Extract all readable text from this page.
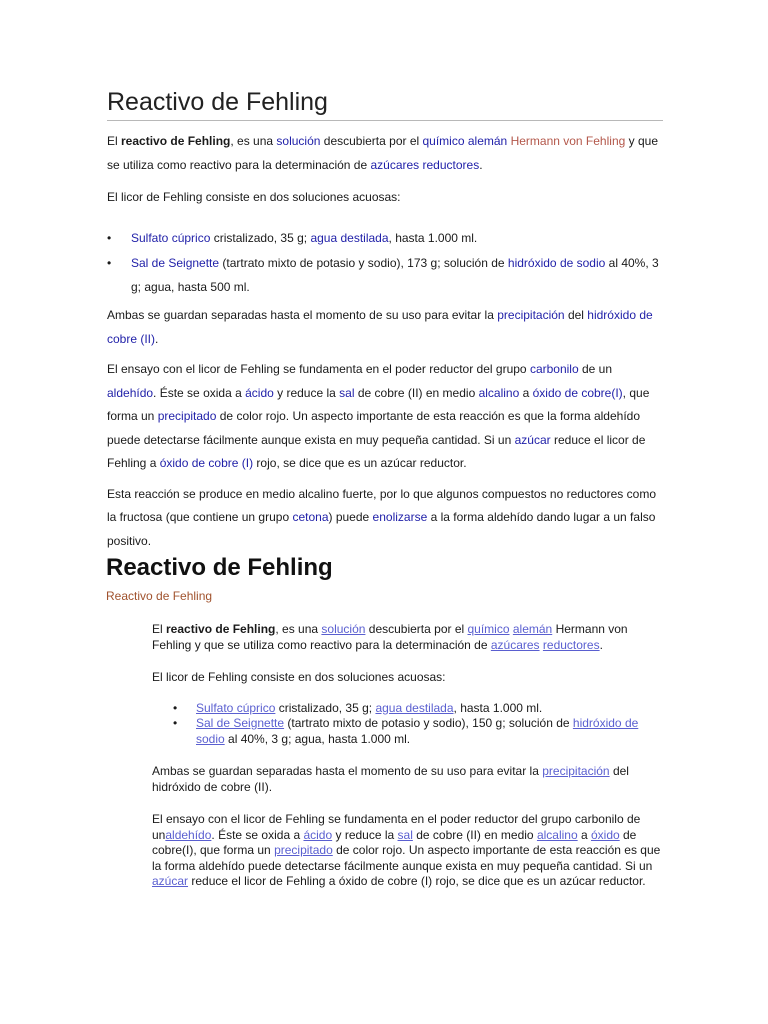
Reactivo de Fehling

El reactivo de Fehling, es una solución descubierta por el químico alemán Hermann von Fehling y que se utiliza como reactivo para la determinación de azúcares reductores.

El licor de Fehling consiste en dos soluciones acuosas:

• Sulfato cúprico cristalizado, 35 g; agua destilada, hasta 1.000 ml.
• Sal de Seignette (tartrato mixto de potasio y sodio), 173 g; solución de hidróxido de sodio al 40%, 3 g; agua, hasta 500 ml.

Ambas se guardan separadas hasta el momento de su uso para evitar la precipitación del hidróxido de cobre (II).

El ensayo con el licor de Fehling se fundamenta en el poder reductor del grupo carbonilo de un aldehído. Éste se oxida a ácido y reduce la sal de cobre (II) en medio alcalino a óxido de cobre(I), que forma un precipitado de color rojo. Un aspecto importante de esta reacción es que la forma aldehído puede detectarse fácilmente aunque exista en muy pequeña cantidad. Si un azúcar reduce el licor de Fehling a óxido de cobre (I) rojo, se dice que es un azúcar reductor.

Esta reacción se produce en medio alcalino fuerte, por lo que algunos compuestos no reductores como la fructosa (que contiene un grupo cetona) puede enolizarse a la forma aldehído dando lugar a un falso positivo.

Reactivo de Fehling
Reactivo de Fehling

El reactivo de Fehling, es una solución descubierta por el químico alemán Hermann von Fehling y que se utiliza como reactivo para la determinación de azúcares reductores.

El licor de Fehling consiste en dos soluciones acuosas:

• Sulfato cúprico cristalizado, 35 g; agua destilada, hasta 1.000 ml.
• Sal de Seignette (tartrato mixto de potasio y sodio), 150 g; solución de hidróxido de sodio al 40%, 3 g; agua, hasta 1.000 ml.

Ambas se guardan separadas hasta el momento de su uso para evitar la precipitación del hidróxido de cobre (II).

El ensayo con el licor de Fehling se fundamenta en el poder reductor del grupo carbonilo de unaldehído. Éste se oxida a ácido y reduce la sal de cobre (II) en medio alcalino a óxido de cobre(I), que forma un precipitado de color rojo. Un aspecto importante de esta reacción es que la forma aldehído puede detectarse fácilmente aunque exista en muy pequeña cantidad. Si un azúcar reduce el licor de Fehling a óxido de cobre (I) rojo, se dice que es un azúcar reductor.
